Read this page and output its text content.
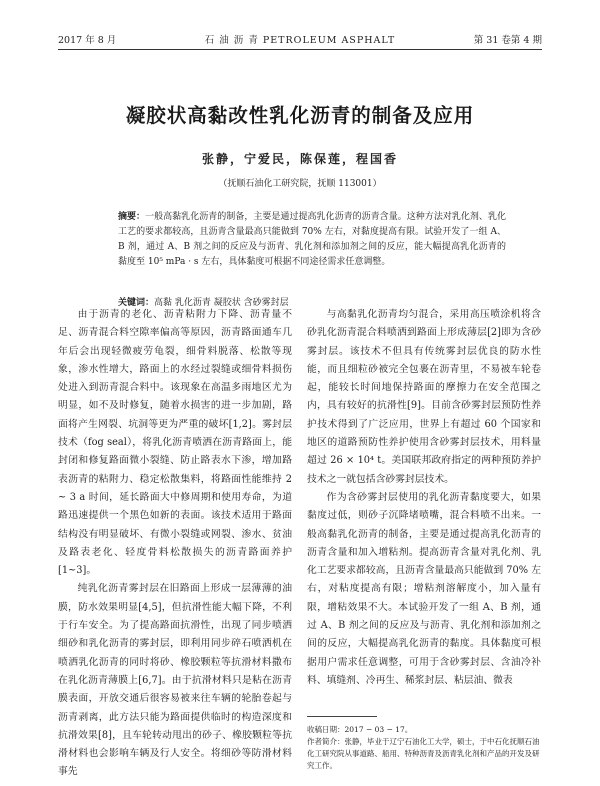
2017 年 8 月	石 油 沥 青 PETROLEUM ASPHALT	第 31 卷第 4 期
凝胶状高黏改性乳化沥青的制备及应用
张静，宁爱民，陈保莲，程国香
（抚顺石油化工研究院，抚顺 113001）
摘要：一般高黏乳化沥青的制备，主要是通过提高乳化沥青的沥青含量。这种方法对乳化剂、乳化工艺的要求都较高，且沥青含量最高只能做到 70% 左右，对黏度提高有限。试验开发了一组 A、B 剂，通过 A、B 剂之间的反应及与沥青、乳化剂和添加剂之间的反应，能大幅提高乳化沥青的黏度至 10⁵ mPa · s 左右，具体黏度可根据不同途径需求任意调整。
关键词：高黏 乳化沥青 凝胶状 含砂雾封层

由于沥青的老化、沥青粘附力下降、沥青量不足、沥青混合料空隙率偏高等原因，沥青路面通车几年后会出现轻微疲劳龟裂，细骨料脱落、松散等现象，渗水性增大，路面上的水经过裂缝或细骨料损伤处进入到沥青混合料中。该现象在高温多雨地区尤为明显，如不及时修复，随着水损害的进一步加剧，路面将产生网裂、坑洞等更为严重的破坏[1,2]。雾封层技术（fog seal），将乳化沥青喷洒在沥青路面上，能封闭和修复路面微小裂缝、防止路表水下渗，增加路表沥青的粘附力、稳定松散集料，将路面性能维持 2 ~ 3 a 时间，延长路面大中修周期和使用寿命，为道路迅速提供一个黑色如新的表面。该技术适用于路面结构没有明显破坏、有微小裂缝或网裂、渗水、贫油及路表老化、轻度骨料松散损失的沥青路面养护[1~3]。

纯乳化沥青雾封层在旧路面上形成一层薄薄的油膜，防水效果明显[4,5]，但抗滑性能大幅下降，不利于行车安全。为了提高路面抗滑性，出现了同步喷洒细砂和乳化沥青的雾封层，即利用同步碎石喷洒机在喷洒乳化沥青的同时将砂、橡胶颗粒等抗滑材料撒布在乳化沥青薄膜上[6,7]。由于抗滑材料只是粘在沥青膜表面，开放交通后很容易被来往车辆的轮胎卷起与沥青剥离，此方法只能为路面提供临时的构造深度和抗滑效果[8]，且车轮转动甩出的砂子、橡胶颗粒等抗滑材料也会影响车辆及行人安全。将细砂等防滑材料事先

与高黏乳化沥青均匀混合，采用高压喷涂机将含砂乳化沥青混合料喷洒到路面上形成薄层[2]即为含砂雾封层。该技术不但具有传统雾封层优良的防水性能，而且细粒砂被完全包裹在沥青里，不易被车轮卷起，能较长时间地保持路面的摩擦力在安全范围之内，具有较好的抗滑性[9]。目前含砂雾封层预防性养护技术得到了广泛应用，世界上有超过 60 个国家和地区的道路预防性养护使用含砂雾封层技术，用料量超过 26 × 10⁴ t。美国联邦政府指定的两种预防养护技术之一就包括含砂雾封层技术。

作为含砂雾封层使用的乳化沥青黏度要大，如果黏度过低，则砂子沉降堵喷嘴，混合料喷不出来。一般高黏乳化沥青的制备，主要是通过提高乳化沥青的沥青含量和加入增粘剂。提高沥青含量对乳化剂、乳化工艺要求都较高，且沥青含量最高只能做到 70% 左右，对粘度提高有限；增粘剂溶解度小，加入量有限，增粘效果不大。本试验开发了一组 A、B 剂，通过 A、B 剂之间的反应及与沥青、乳化剂和添加剂之间的反应，大幅提高乳化沥青的黏度。具体黏度可根据用户需求任意调整，可用于含砂雾封层、含油冷补料、填缝剂、冷再生、稀浆封层、粘层油、微表

收稿日期：2017 − 03 − 17。

作者简介：张静，毕业于辽宁石油化工大学，硕士，于中石化抚顺石油化工研究院从事道路、船用、特种沥青及沥青乳化剂和产品的开发及研究工作。
